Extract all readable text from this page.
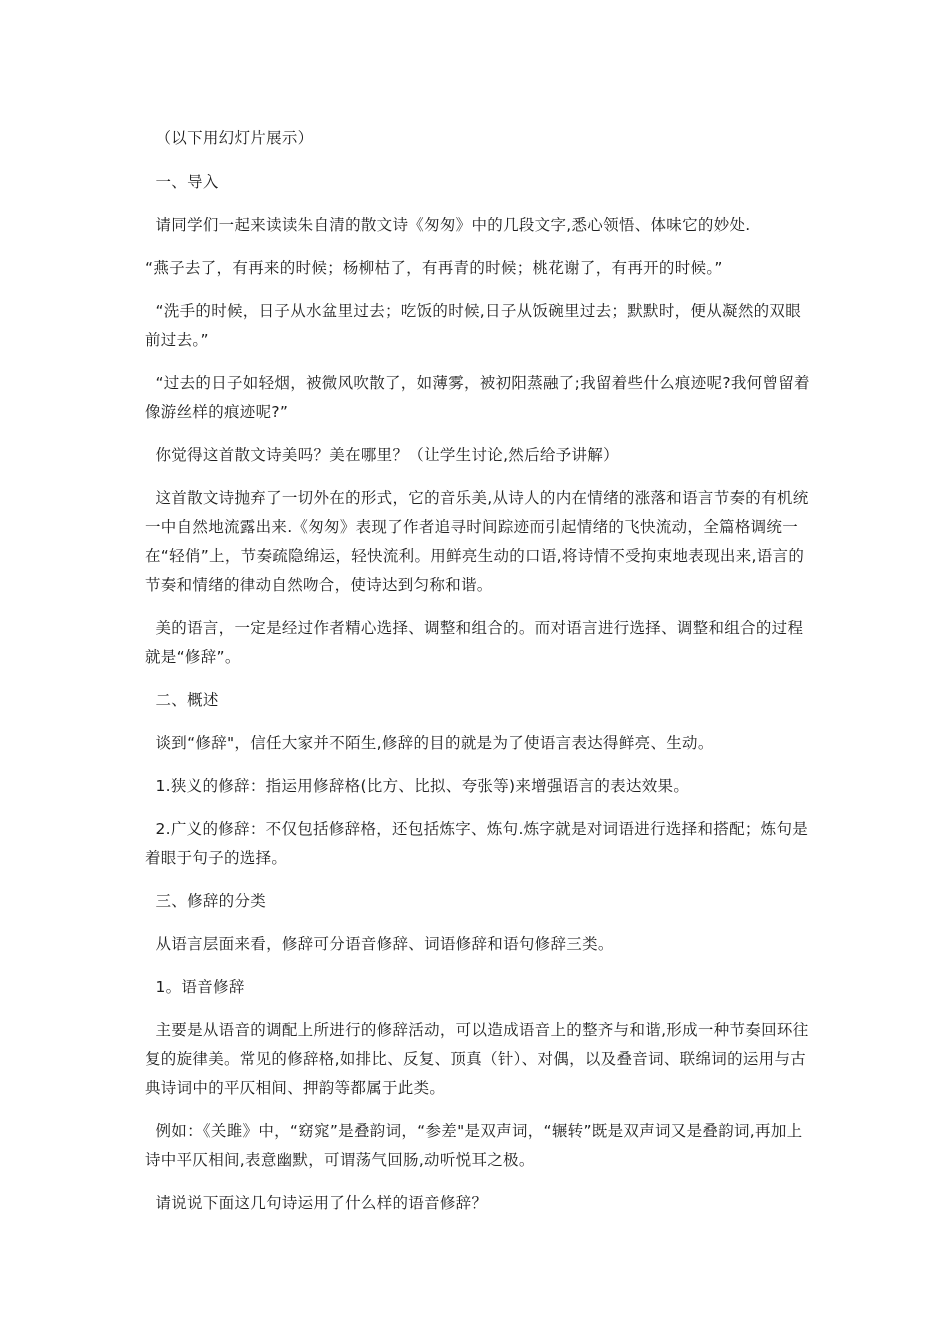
（以下用幻灯片展示）

一、导入

请同学们一起来读读朱自清的散文诗《匆匆》中的几段文字,悉心领悟、体味它的妙处.

“燕子去了，有再来的时候；杨柳枯了，有再青的时候；桃花谢了，有再开的时候。”

“洗手的时候，日子从水盆里过去；吃饭的时候,日子从饭碗里过去；默默时，便从凝然的双眼前过去。”

“过去的日子如轻烟，被微风吹散了，如薄雾，被初阳蒸融了;我留着些什么痕迹呢?我何曾留着像游丝样的痕迹呢?”

你觉得这首散文诗美吗？美在哪里？（让学生讨论,然后给予讲解）

这首散文诗抛弃了一切外在的形式，它的音乐美,从诗人的内在情绪的涨落和语言节奏的有机统一中自然地流露出来.《匆匆》表现了作者追寻时间踪迹而引起情绪的飞快流动，全篇格调统一在“轻俏”上，节奏疏隐绵运，轻快流利。用鲜亮生动的口语,将诗情不受拘束地表现出来,语言的节奏和情绪的律动自然吻合，使诗达到匀称和谐。

美的语言，一定是经过作者精心选择、调整和组合的。而对语言进行选择、调整和组合的过程就是“修辞”。

二、概述

谈到“修辞"，信任大家并不陌生,修辞的目的就是为了使语言表达得鲜亮、生动。

1.狭义的修辞：指运用修辞格(比方、比拟、夸张等)来增强语言的表达效果。

2.广义的修辞：不仅包括修辞格，还包括炼字、炼句.炼字就是对词语进行选择和搭配；炼句是着眼于句子的选择。

三、修辞的分类

从语言层面来看，修辞可分语音修辞、词语修辞和语句修辞三类。

1。语音修辞

主要是从语音的调配上所进行的修辞活动，可以造成语音上的整齐与和谐,形成一种节奏回环往复的旋律美。常见的修辞格,如排比、反复、顶真（针）、对偶，以及叠音词、联绵词的运用与古典诗词中的平仄相间、押韵等都属于此类。

例如：《关雎》中，“窈窕”是叠韵词，“参差"是双声词，“辗转”既是双声词又是叠韵词,再加上诗中平仄相间,表意幽默，可谓荡气回肠,动听悦耳之极。

请说说下面这几句诗运用了什么样的语音修辞？
